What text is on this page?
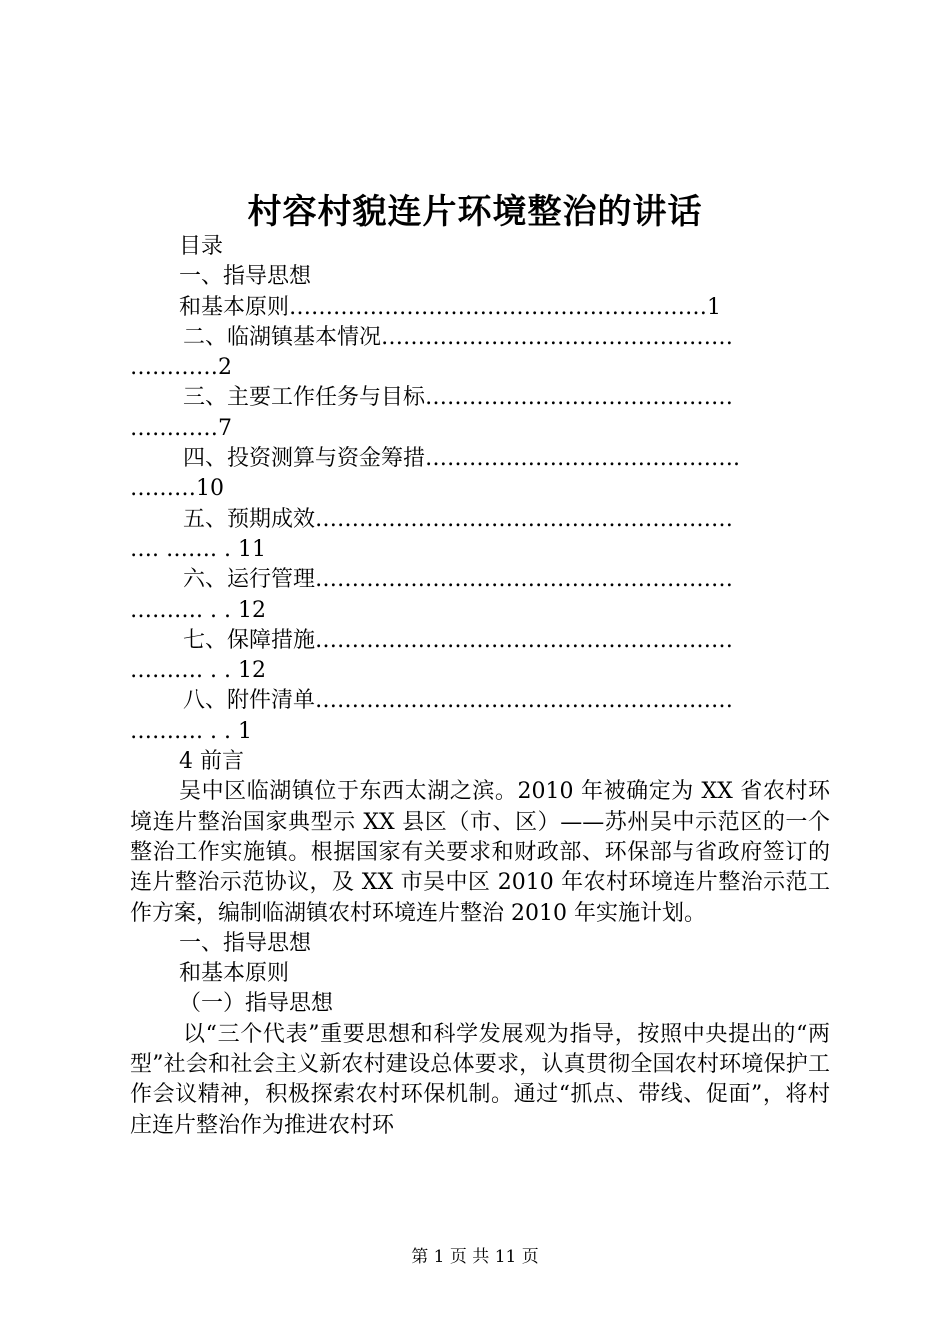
村容村貌连片环境整治的讲话
目录
一、指导思想
和基本原则…………………………………………………1
二、临湖镇基本情况…………………………………………
…………2
三、主要工作任务与目标……………………………………
…………7
四、投资测算与资金筹措…………………………………….
………10
五、预期成效…………………………………………………
…. ……. . 11
六、运行管理…………………………………………………
………. . . 12
七、保障措施…………………………………………………
………. . . 12
八、附件清单…………………………………………………
………. . . 1
4 前言
吴中区临湖镇位于东西太湖之滨。2010 年被确定为 XX 省农村环境连片整治国家典型示 XX 县区（市、区）——苏州吴中示范区的一个整治工作实施镇。根据国家有关要求和财政部、环保部与省政府签订的连片整治示范协议，及 XX 市吴中区 2010 年农村环境连片整治示范工作方案，编制临湖镇农村环境连片整治 2010 年实施计划。
一、指导思想
和基本原则
（一）指导思想
以“三个代表”重要思想和科学发展观为指导，按照中央提出的“两型”社会和社会主义新农村建设总体要求，认真贯彻全国农村环境保护工作会议精神，积极探索农村环保机制。通过“抓点、带线、促面”，将村庄连片整治作为推进农村环
第 1 页 共 11 页
